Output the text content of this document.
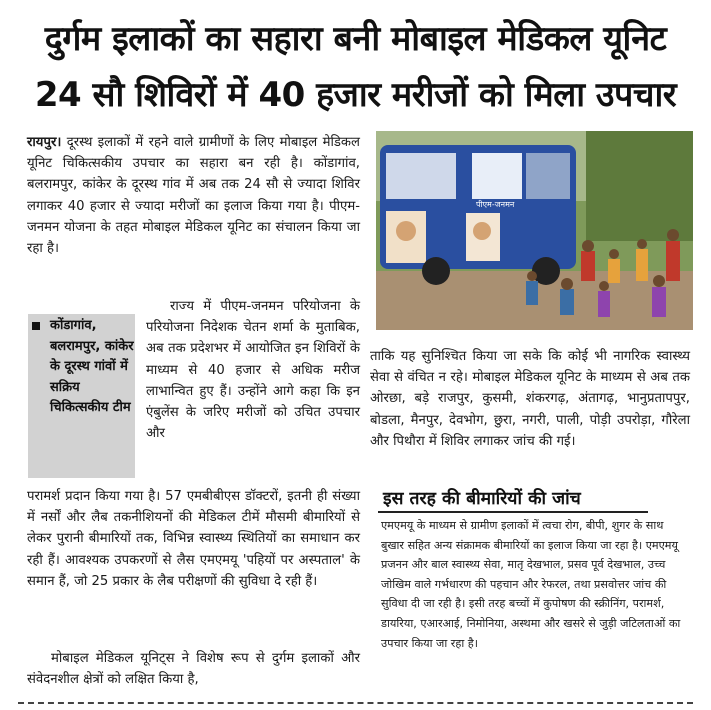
दुर्गम इलाकों का सहारा बनी मोबाइल मेडिकल यूनिट
24 सौ शिविरों में 40 हजार मरीजों को मिला उपचार

रायपुर। दूरस्थ इलाकों में रहने वाले ग्रामीणों के लिए मोबाइल मेडिकल यूनिट चिकित्सकीय उपचार का सहारा बन रही है। कोंडागांव, बलरामपुर, कांकेर के दूरस्थ गांव में अब तक 24 सौ से ज्यादा शिविर लगाकर 40 हजार से ज्यादा मरीजों का इलाज किया गया है। पीएम-जनमन योजना के तहत मोबाइल मेडिकल यूनिट का संचालन किया जा रहा है।

कोंडागांव, बलरामपुर, कांकेर के दूरस्थ गांवों में सक्रिय चिकित्सकीय टीम

राज्य में पीएम-जनमन परियोजना के परियोजना निदेशक चेतन शर्मा के मुताबिक, अब तक प्रदेशभर में आयोजित इन शिविरों के माध्यम से 40 हजार से अधिक मरीज लाभान्वित हुए हैं। उन्होंने आगे कहा कि इन एंबुलेंस के जरिए मरीजों को उचित उपचार और

परामर्श प्रदान किया गया है। 57 एमबीबीएस डॉक्टरों, इतनी ही संख्या में नर्सों और लैब तकनीशियनों की मेडिकल टीमें मौसमी बीमारियों से लेकर पुरानी बीमारियों तक, विभिन्न स्वास्थ्य स्थितियों का समाधान कर रही हैं। आवश्यक उपकरणों से लैस एमएमयू 'पहियों पर अस्पताल' के समान हैं, जो 25 प्रकार के लैब परीक्षणों की सुविधा दे रही हैं।

मोबाइल मेडिकल यूनिट्स ने विशेष रूप से दुर्गम इलाकों और संवेदनशील क्षेत्रों को लक्षित किया है,

पीएम-जनमन

ताकि यह सुनिश्चित किया जा सके कि कोई भी नागरिक स्वास्थ्य सेवा से वंचित न रहे। मोबाइल मेडिकल यूनिट के माध्यम से अब तक ओरछा, बड़े राजपुर, कुसमी, शंकरगढ़, अंतागढ़, भानुप्रतापपुर, बोडला, मैनपुर, देवभोग, छुरा, नगरी, पाली, पोड़ी उपरोड़ा, गौरेला और पिथौरा में शिविर लगाकर जांच की गई।

इस तरह की बीमारियों की जांच

एमएमयू के माध्यम से ग्रामीण इलाकों में त्वचा रोग, बीपी, शुगर के साथ बुखार सहित अन्य संक्रामक बीमारियों का इलाज किया जा रहा है। एमएमयू प्रजनन और बाल स्वास्थ्य सेवा, मातृ देखभाल, प्रसव पूर्व देखभाल, उच्च जोखिम वाले गर्भधारण की पहचान और रेफरल, तथा प्रसवोत्तर जांच की सुविधा दी जा रही है। इसी तरह बच्चों में कुपोषण की स्क्रीनिंग, परामर्श, डायरिया, एआरआई, निमोनिया, अस्थमा और खसरे से जुड़ी जटिलताओं का उपचार किया जा रहा है।
